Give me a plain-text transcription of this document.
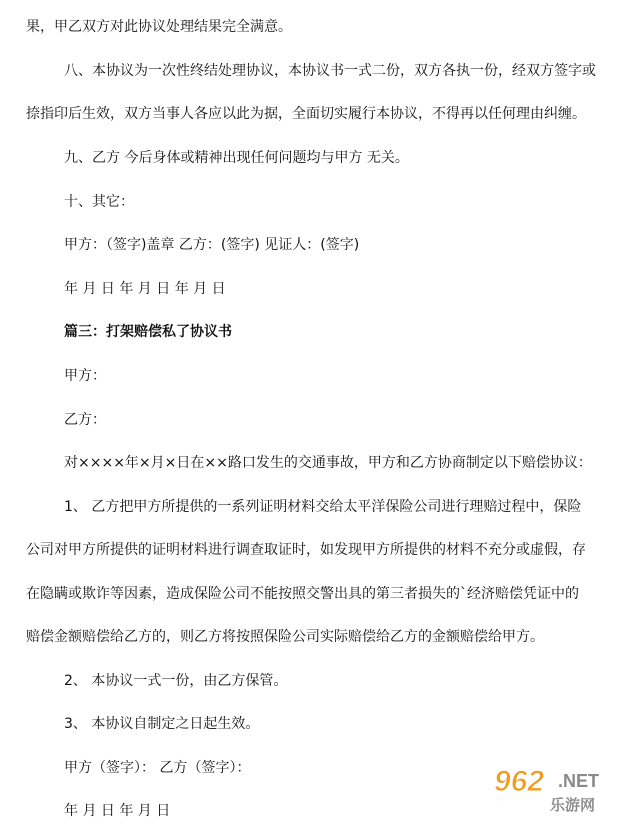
果，甲乙双方对此协议处理结果完全满意。
八、本协议为一次性终结处理协议，本协议书一式二份，双方各执一份，经双方签字或
捺指印后生效，双方当事人各应以此为据，全面切实履行本协议，不得再以任何理由纠缠。
九、乙方 今后身体或精神出现任何问题均与甲方 无关。
十、其它：
甲方：（签字)盖章 乙方：(签字) 见证人：(签字)
年 月 日 年 月 日 年 月 日
篇三：打架赔偿私了协议书
甲方：
乙方：
对××××年×月×日在××路口发生的交通事故，甲方和乙方协商制定以下赔偿协议：
1、 乙方把甲方所提供的一系列证明材料交给太平洋保险公司进行理赔过程中，保险
公司对甲方所提供的证明材料进行调查取证时，如发现甲方所提供的材料不充分或虚假，存
在隐瞒或欺诈等因素，造成保险公司不能按照交警出具的第三者损失的`经济赔偿凭证中的
赔偿金额赔偿给乙方的，则乙方将按照保险公司实际赔偿给乙方的金额赔偿给甲方。
2、 本协议一式一份，由乙方保管。
3、 本协议自制定之日起生效。
甲方（签字）： 乙方（签字）：
年 月 日 年 月 日
962 .NET
乐游网
